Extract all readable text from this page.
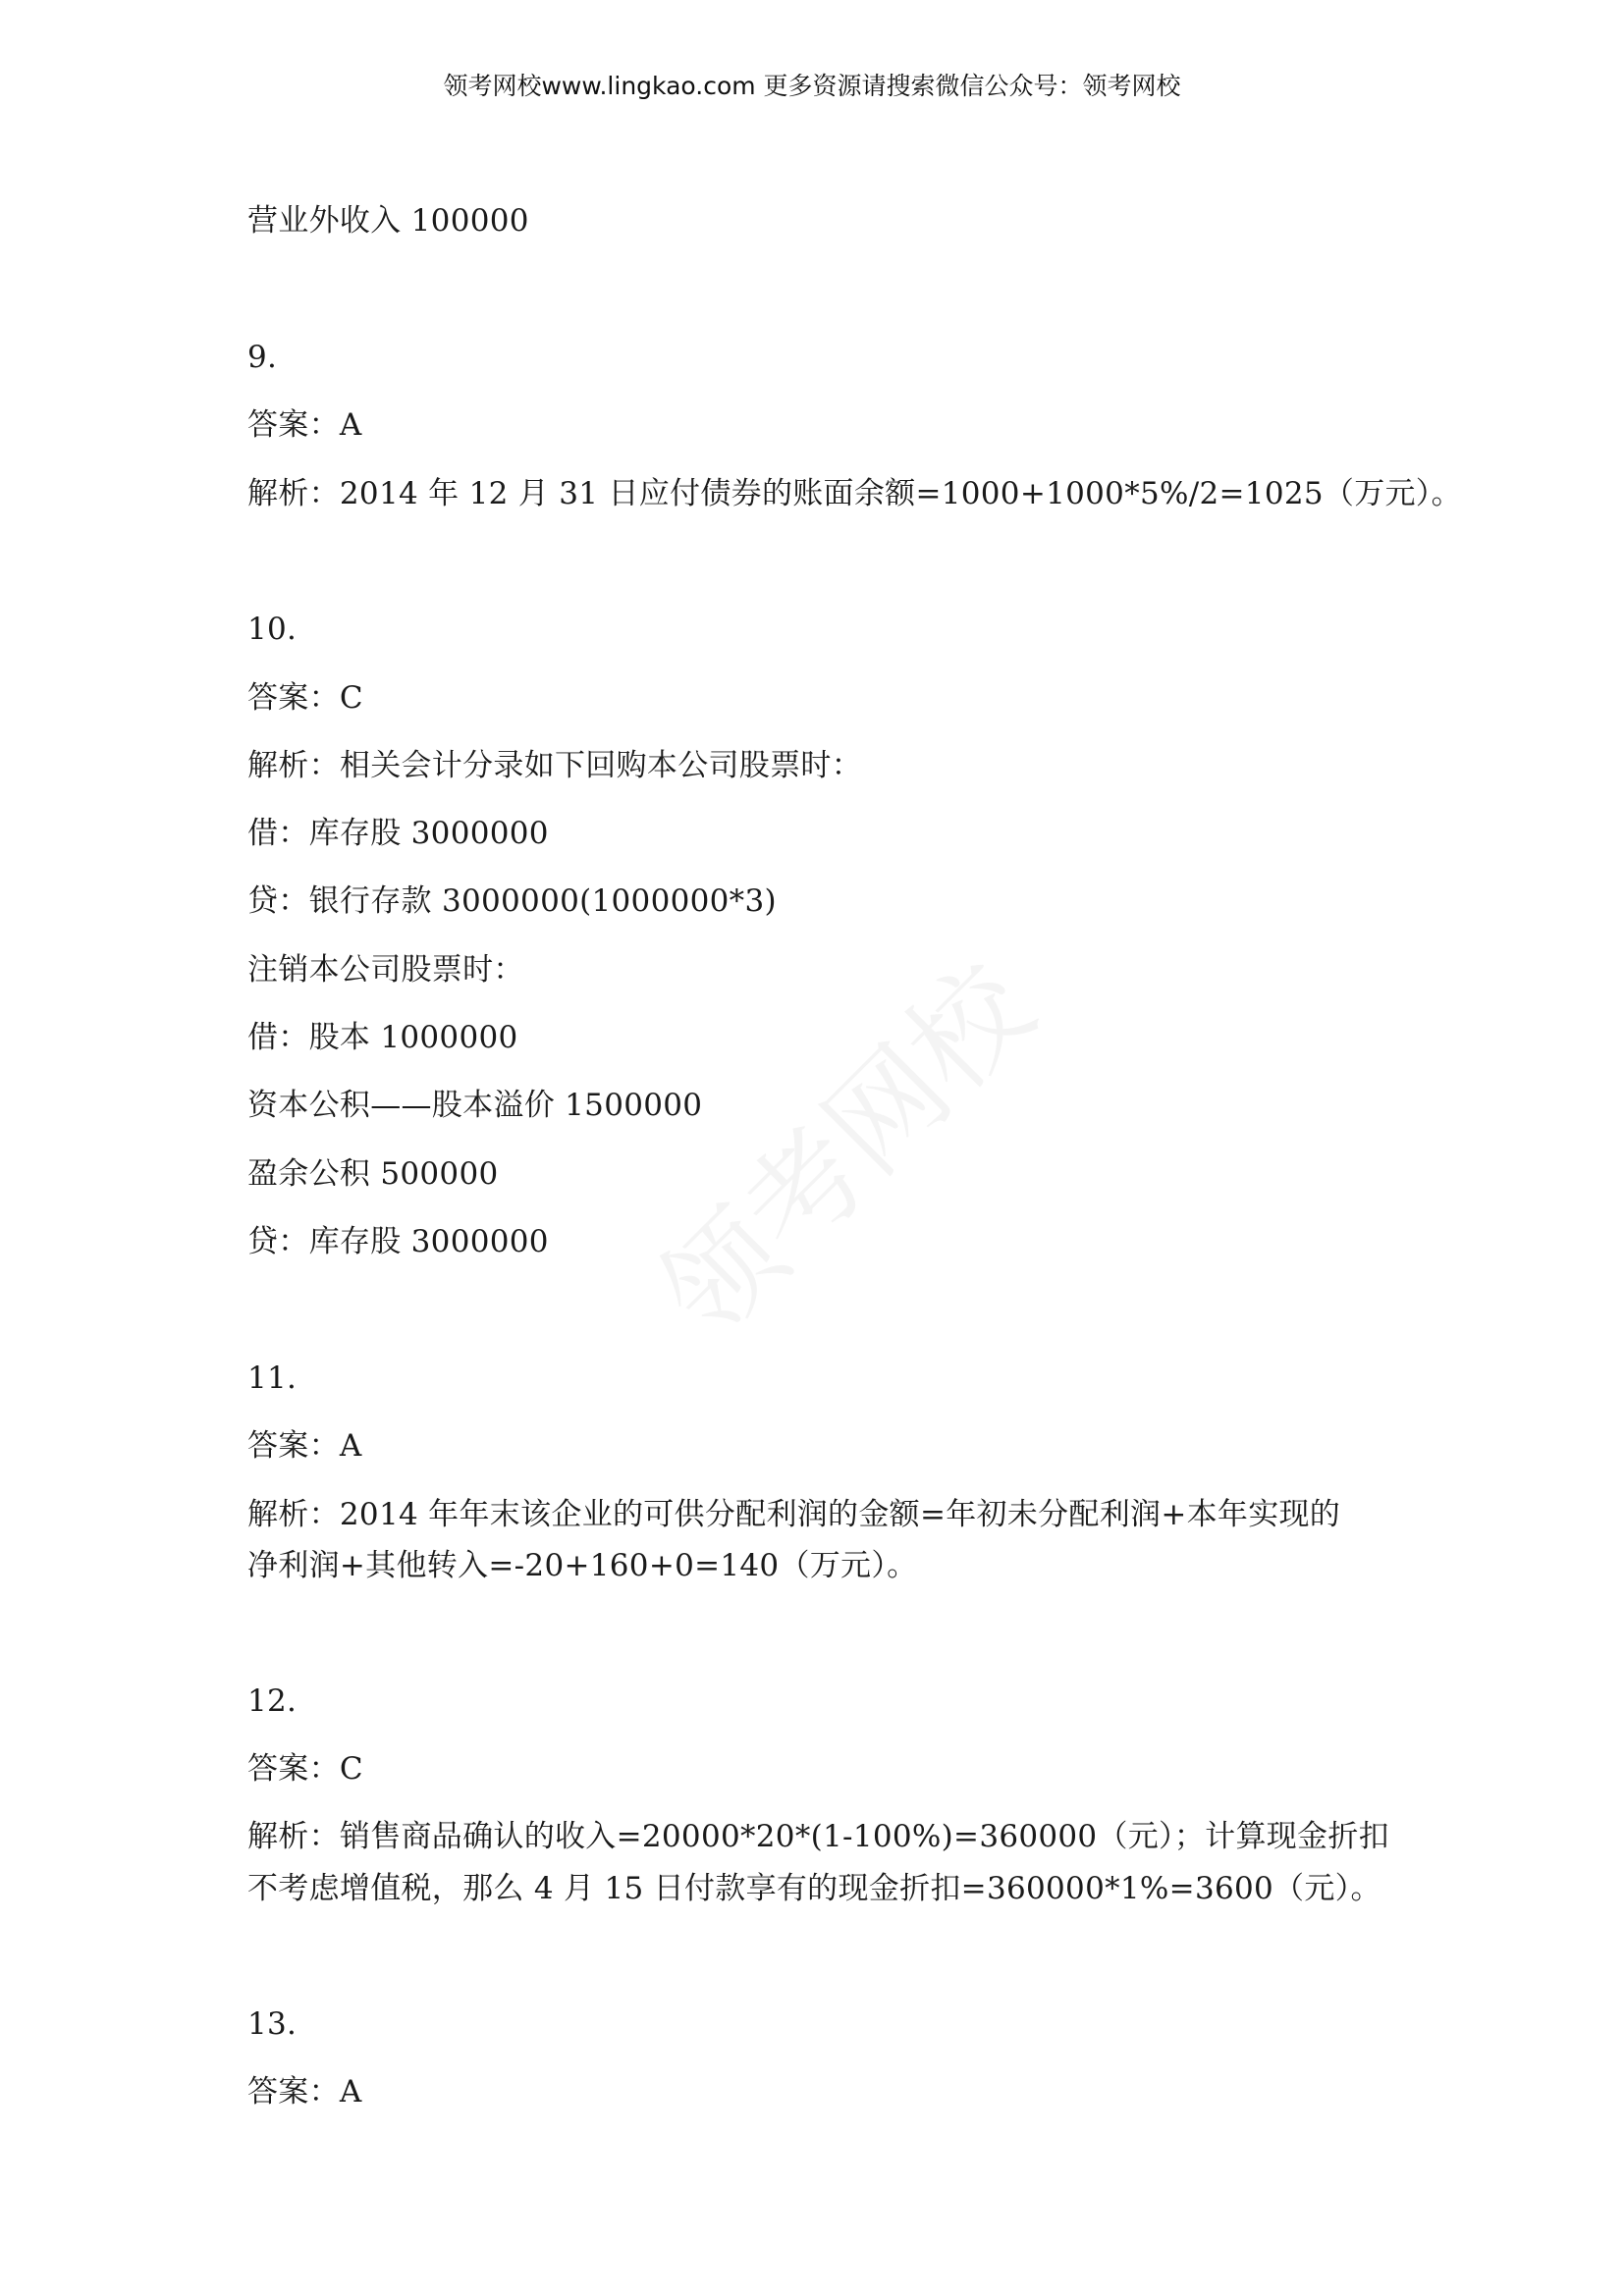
领考网校www.lingkao.com 更多资源请搜索微信公众号：领考网校
营业外收入 100000
9.
答案：A
解析：2014 年 12 月 31 日应付债券的账面余额=1000+1000*5%/2=1025（万元）。
10.
答案：C
解析：相关会计分录如下回购本公司股票时：
借：库存股 3000000
贷：银行存款 3000000(1000000*3)
注销本公司股票时：
借：股本 1000000
资本公积——股本溢价 1500000
盈余公积 500000
贷：库存股 3000000
11.
答案：A
解析：2014 年年末该企业的可供分配利润的金额=年初未分配利润+本年实现的
净利润+其他转入=-20+160+0=140（万元）。
12.
答案：C
解析：销售商品确认的收入=20000*20*(1-100%)=360000（元）；计算现金折扣
不考虑增值税，那么 4 月 15 日付款享有的现金折扣=360000*1%=3600（元）。
13.
答案：A
